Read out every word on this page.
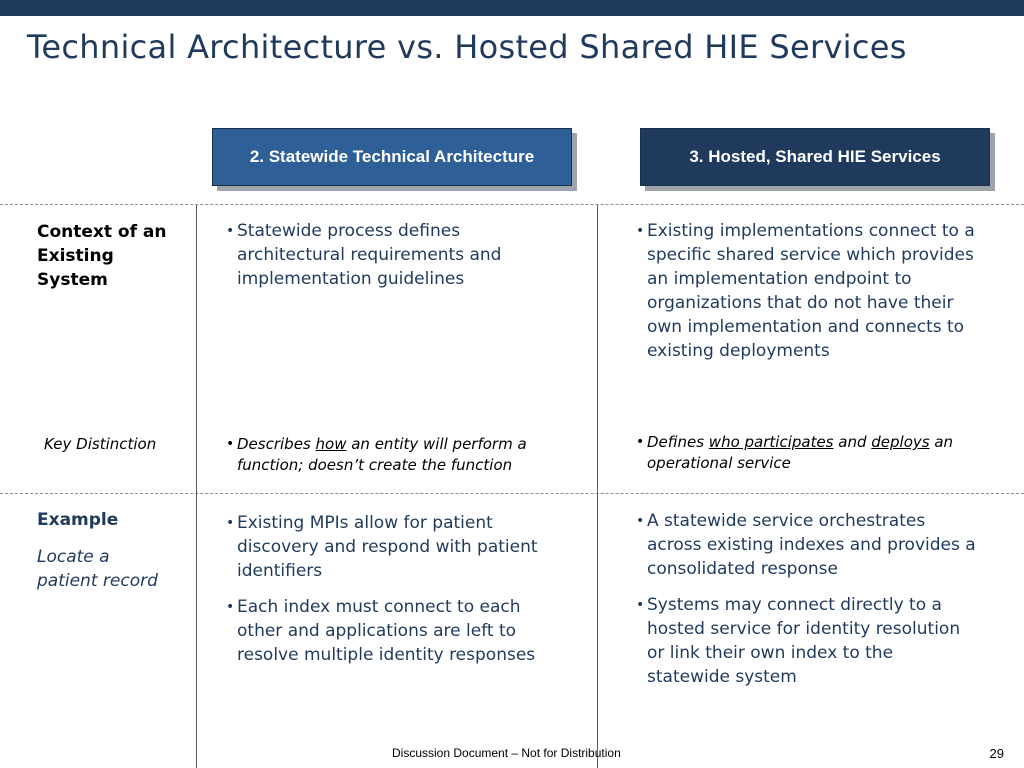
Technical Architecture vs. Hosted Shared HIE Services
2. Statewide Technical Architecture	3. Hosted, Shared HIE Services
Context of an
Existing
System
• Statewide process defines architectural requirements and implementation guidelines
• Existing implementations connect to a specific shared service which provides an implementation endpoint to organizations that do not have their own implementation and connects to existing deployments
Key Distinction
•	Describes how an entity will perform a function; doesn’t create the function
• Defines who participates and deploys an operational service
Example
Locate a
patient record
• Existing MPIs allow for patient discovery and respond with patient identifiers
• Each index must connect to each other and applications are left to resolve multiple identity responses
• A statewide service orchestrates across existing indexes and provides a consolidated response
• Systems may connect directly to a hosted service for identity resolution or link their own index to the statewide system
Discussion Document – Not for Distribution	29
